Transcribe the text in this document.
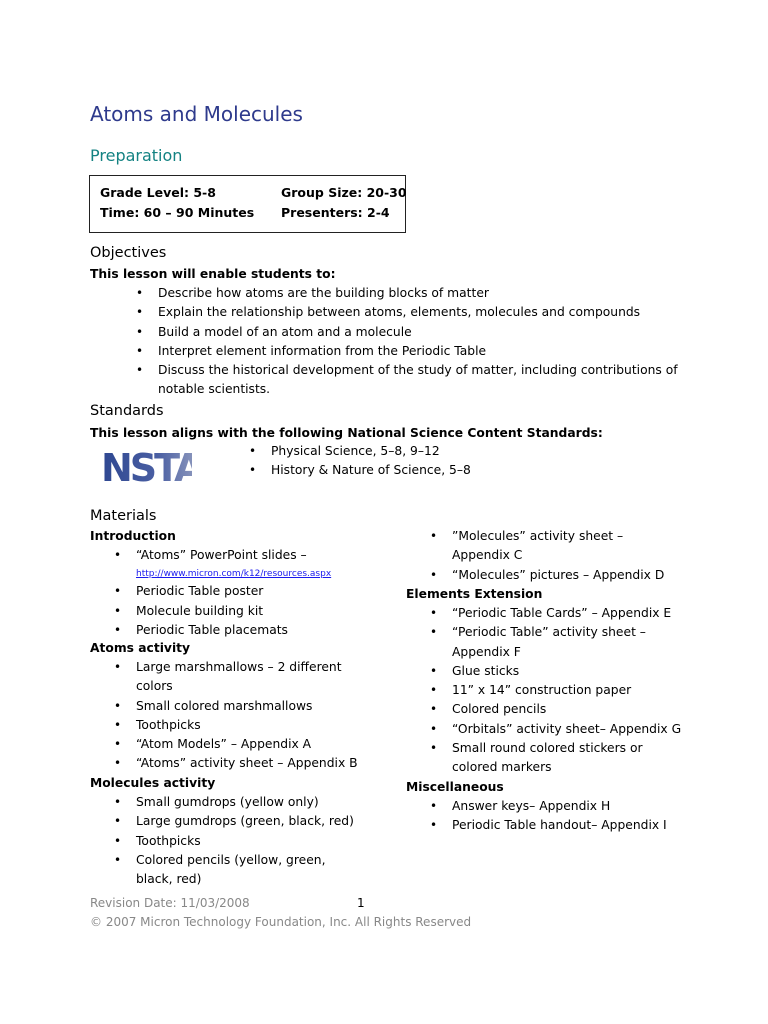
Atoms and Molecules
Preparation
Grade Level: 5-8	Group Size: 20-30
Time: 60 – 90 Minutes Presenters: 2-4
Objectives
This lesson will enable students to:
• Describe how atoms are the building blocks of matter
• Explain the relationship between atoms, elements, molecules and compounds
• Build a model of an atom and a molecule
• Interpret element information from the Periodic Table
• Discuss the historical development of the study of matter, including contributions of
notable scientists.
Standards
This lesson aligns with the following National Science Content Standards:
NSTA
•	Physical Science, 5–8, 9–12
• History & Nature of Science, 5–8
Materials
Introduction
• “Atoms” PowerPoint slides –
http://www.micron.com/k12/resources.aspx
• Periodic Table poster
• Molecule building kit
• Periodic Table placemats
Atoms activity
• Large marshmallows – 2 different
colors
• Small colored marshmallows
• Toothpicks
• “Atom Models” – Appendix A
• “Atoms” activity sheet – Appendix B
Molecules activity
• Small gumdrops (yellow only)
• Large gumdrops (green, black, red)
• Toothpicks
• Colored pencils (yellow, green,
black, red)
• ”Molecules” activity sheet –
Appendix C
• “Molecules” pictures – Appendix D
Elements Extension
• “Periodic Table Cards” – Appendix E
• “Periodic Table” activity sheet –
Appendix F
• Glue sticks
• 11” x 14” construction paper
• Colored pencils
• “Orbitals” activity sheet– Appendix G
• Small round colored stickers or
colored markers
Miscellaneous
• Answer keys– Appendix H
• Periodic Table handout– Appendix I
Revision Date: 11/03/2008	1
© 2007 Micron Technology Foundation, Inc. All Rights Reserved
